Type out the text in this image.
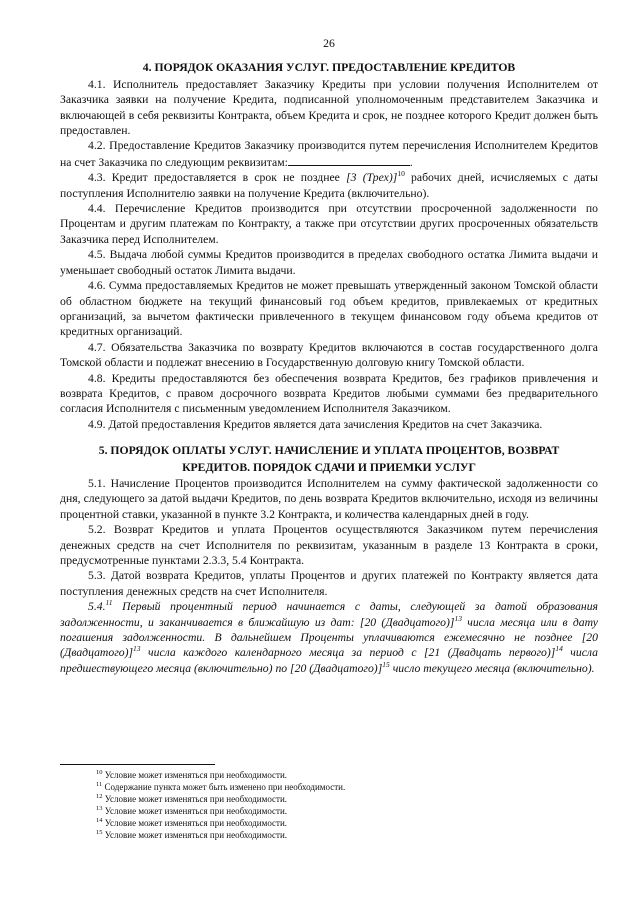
26
4. ПОРЯДОК ОКАЗАНИЯ УСЛУГ. ПРЕДОСТАВЛЕНИЕ КРЕДИТОВ

4.1. Исполнитель предоставляет Заказчику Кредиты при условии получения Исполнителем от Заказчика заявки на получение Кредита, подписанной уполномоченным представителем Заказчика и включающей в себя реквизиты Контракта, объем Кредита и срок, не позднее которого Кредит должен быть предоставлен.

4.2. Предоставление Кредитов Заказчику производится путем перечисления Исполнителем Кредитов на счет Заказчика по следующим реквизитам:	.

4.3. Кредит предоставляется в срок не позднее [3 (Трех)]$^{10}$ рабочих дней, исчисляемых с даты поступления Исполнителю заявки на получение Кредита (включительно).

4.4. Перечисление Кредитов производится при отсутствии просроченной задолженности по Процентам и другим платежам по Контракту, а также при отсутствии других просроченных обязательств Заказчика перед Исполнителем.

4.5. Выдача любой суммы Кредитов производится в пределах свободного остатка Лимита выдачи и уменьшает свободный остаток Лимита выдачи.

4.6. Сумма предоставляемых Кредитов не может превышать утвержденный законом Томской области об областном бюджете на текущий финансовый год объем кредитов, привлекаемых от кредитных организаций, за вычетом фактически привлеченного в текущем финансовом году объема кредитов от кредитных организаций.

4.7. Обязательства Заказчика по возврату Кредитов включаются в состав государственного долга Томской области и подлежат внесению в Государственную долговую книгу Томской области.

4.8. Кредиты предоставляются без обеспечения возврата Кредитов, без графиков привлечения и возврата Кредитов, с правом досрочного возврата Кредитов любыми суммами без предварительного согласия Исполнителя с письменным уведомлением Исполнителя Заказчиком.

4.9. Датой предоставления Кредитов является дата зачисления Кредитов на счет Заказчика.

5. ПОРЯДОК ОПЛАТЫ УСЛУГ. НАЧИСЛЕНИЕ И УПЛАТА ПРОЦЕНТОВ, ВОЗВРАТ
КРЕДИТОВ. ПОРЯДОК СДАЧИ И ПРИЕМКИ УСЛУГ

5.1. Начисление Процентов производится Исполнителем на сумму фактической задолженности со дня, следующего за датой выдачи Кредитов, по день возврата Кредитов включительно, исходя из величины процентной ставки, указанной в пункте 3.2 Контракта, и количества календарных дней в году.

5.2. Возврат Кредитов и уплата Процентов осуществляются Заказчиком путем перечисления денежных средств на счет Исполнителя по реквизитам, указанным в разделе 13 Контракта в сроки, предусмотренные пунктами 2.3.3, 5.4 Контракта.

5.3. Датой возврата Кредитов, уплаты Процентов и других платежей по Контракту является дата поступления денежных средств на счет Исполнителя.

5.4.11 Первый процентный период начинается с даты, следующей за датой образования задолженности, и заканчивается в ближайшую из дат: [20 (Двадцатого)]$^{13}$ числа месяца или в дату погашения задолженности. В дальнейшем Проценты уплачиваются ежемесячно не позднее [20 (Двадцатого)]$^{13}$ числа каждого календарного месяца за период с [21 (Двадцать первого)]$^{14}$ числа предшествующего месяца (включительно) по [20 (Двадцатого)]$^{15}$ число текущего месяца (включительно).

$^{10}$ Условие может изменяться при необходимости.
$^{11}$ Содержание пункта может быть изменено при необходимости.
$^{12}$ Условие может изменяться при необходимости.
$^{13}$ Условие может изменяться при необходимости.
$^{14}$ Условие может изменяться при необходимости.
$^{15}$ Условие может изменяться при необходимости.
